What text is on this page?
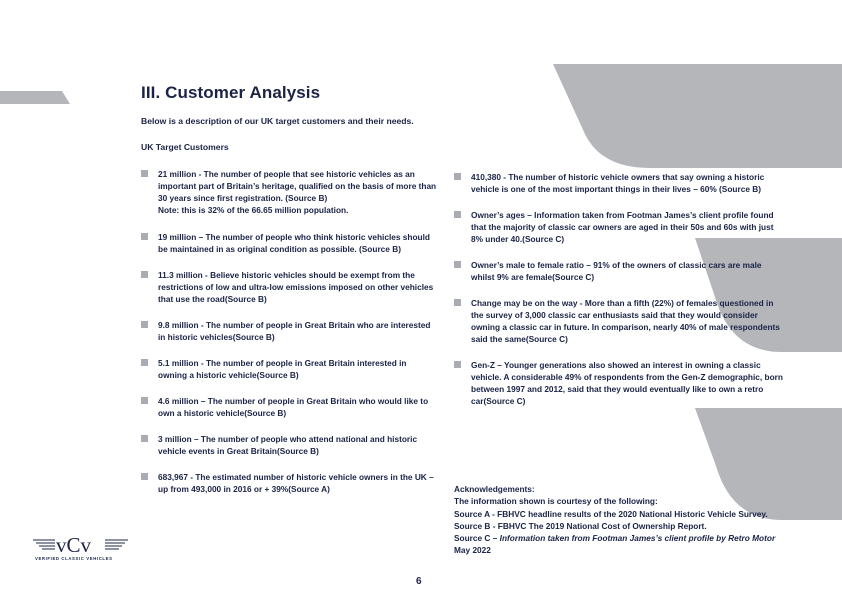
III. Customer Analysis
Below is a description of our UK target customers and their needs.
UK Target Customers
21 million - The number of people that see historic vehicles as an important part of Britain’s heritage, qualified on the basis of more than 30 years since first registration. (Source B)
Note: this is 32% of the 66.65 million population.
19 million – The number of people who think historic vehicles should be maintained in as original condition as possible. (Source B)
11.3 million - Believe historic vehicles should be exempt from the restrictions of low and ultra-low emissions imposed on other vehicles that use the road(Source B)
9.8 million - The number of people in Great Britain who are interested in historic vehicles(Source B)
5.1 million - The number of people in Great Britain interested in owning a historic vehicle(Source B)
4.6 million – The number of people in Great Britain who would like to own a historic vehicle(Source B)
3 million – The number of people who attend national and historic vehicle events in Great Britain(Source B)
683,967 - The estimated number of historic vehicle owners in the UK – up from 493,000 in 2016 or + 39%(Source A)
410,380 - The number of historic vehicle owners that say owning a historic vehicle is one of the most important things in their lives – 60% (Source B)
Owner’s ages – Information taken from Footman James’s client profile found that the majority of classic car owners are aged in their 50s and 60s with just 8% under 40.(Source C)
Owner’s male to female ratio – 91% of the owners of classic cars are male whilst 9% are female(Source C)
Change may be on the way - More than a fifth (22%) of females questioned in the survey of 3,000 classic car enthusiasts said that they would consider owning a classic car in future. In comparison, nearly 40% of male respondents said the same(Source C)
Gen-Z – Younger generations also showed an interest in owning a classic vehicle. A considerable 49% of respondents from the Gen-Z demographic, born between 1997 and 2012, said that they would eventually like to own a retro car(Source C)
Acknowledgements:
The information shown is courtesy of the following:
Source A - FBHVC headline results of the 2020 National Historic Vehicle Survey.
Source B - FBHVC The 2019 National Cost of Ownership Report.
Source C – Information taken from Footman James’s client profile by Retro Motor
May 2022
vCv
VERIFIED CLASSIC VEHICLES
6
